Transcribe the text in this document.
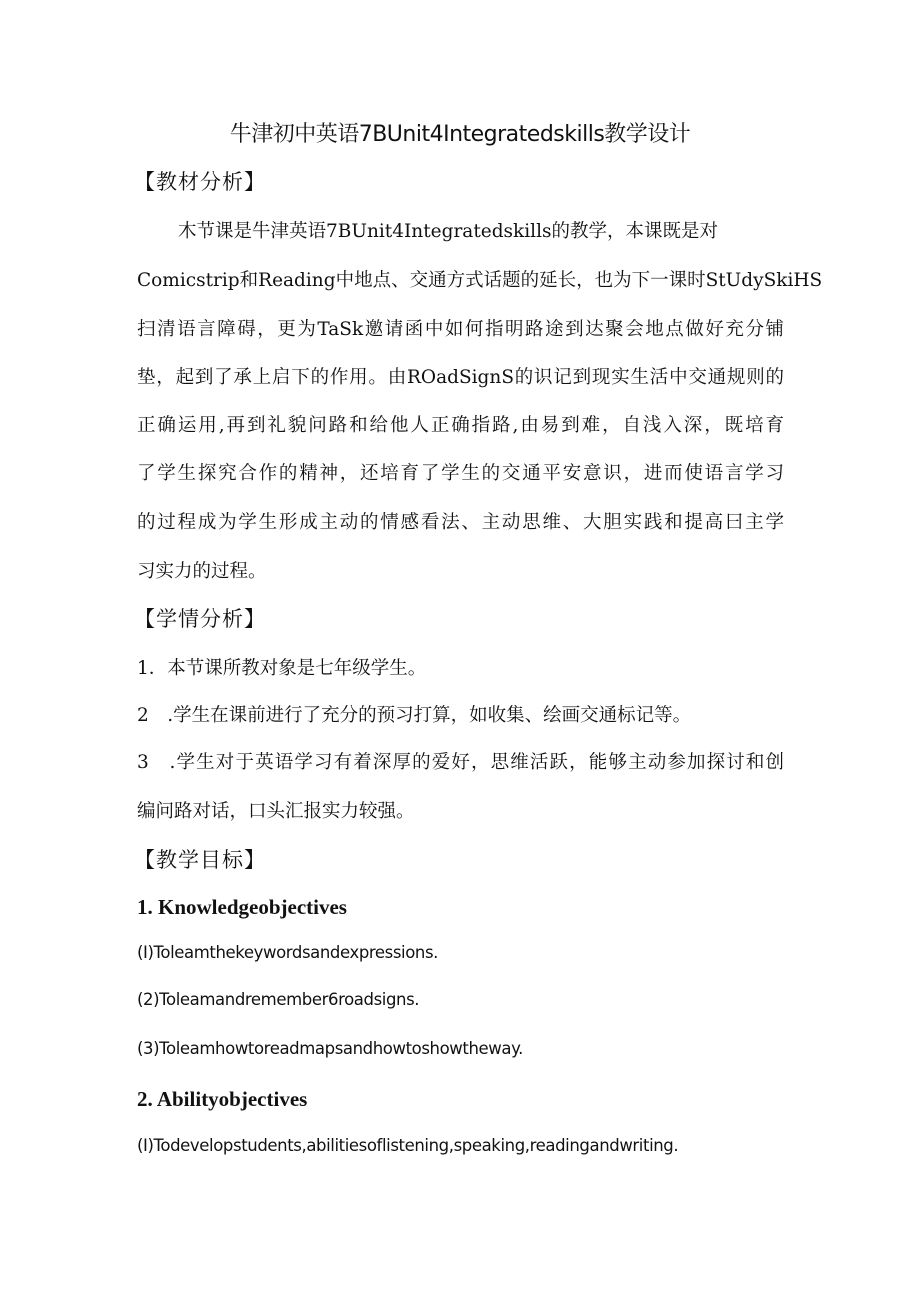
牛津初中英语7BUnit4Integratedskills教学设计
【教材分析】
木节课是牛津英语7BUnit4Integratedskills的教学，本课既是对
Comicstrip和Reading中地点、交通方式话题的延长，也为下一课时StUdySkiHS
扫清语言障碍，更为TaSk邀请函中如何指明路途到达聚会地点做好充分铺
垫，起到了承上启下的作用。由ROadSignS的识记到现实生活中交通规则的
正确运用,再到礼貌问路和给他人正确指路,由易到难，自浅入深，既培育
了学生探究合作的精神，还培育了学生的交通平安意识，进而使语言学习
的过程成为学生形成主动的情感看法、主动思维、大胆实践和提高曰主学
习实力的过程。
【学情分析】
1．本节课所教对象是七年级学生。
2　.学生在课前进行了充分的预习打算，如收集、绘画交通标记等。
3　.学生对于英语学习有着深厚的爱好，思维活跃，能够主动参加探讨和创
编问路对话，口头汇报实力较强。
【教学目标】
1. Knowledgeobjectives
(I)Toleamthekeywordsandexpressions.
(2)Toleamandremember6roadsigns.
(3)Toleamhowtoreadmapsandhowtoshowtheway.
2. Abilityobjectives
(I)Todevelopstudents,abilitiesoflistening,speaking,readingandwriting.
